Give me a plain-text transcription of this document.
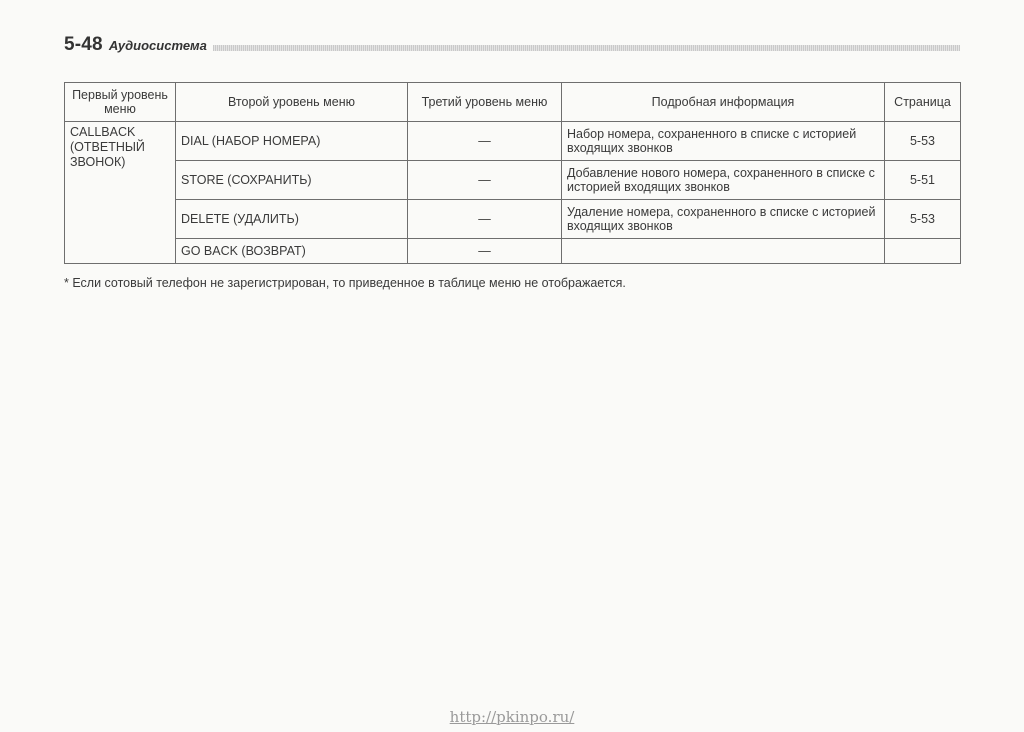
5-48 Аудиосистема
Первый уровень меню	Второй уровень меню	Третий уровень меню	Подробная информация	Страница
CALLBACK
(ОТВЕТНЫЙ
ЗВОНОК)	DIAL (НАБОР НОМЕРА)	—	Набор номера, сохраненного в списке с историей входящих звонков	5-53
	STORE (СОХРАНИТЬ)	—	Добавление нового номера, сохраненного в списке с историей входящих звонков	5-51
	DELETE (УДАЛИТЬ)	—	Удаление номера, сохраненного в списке с историей входящих звонков	5-53
	GO BACK (ВОЗВРАТ)	—		
* Если сотовый телефон не зарегистрирован, то приведенное в таблице меню не отображается.
http://pkinpo.ru/
